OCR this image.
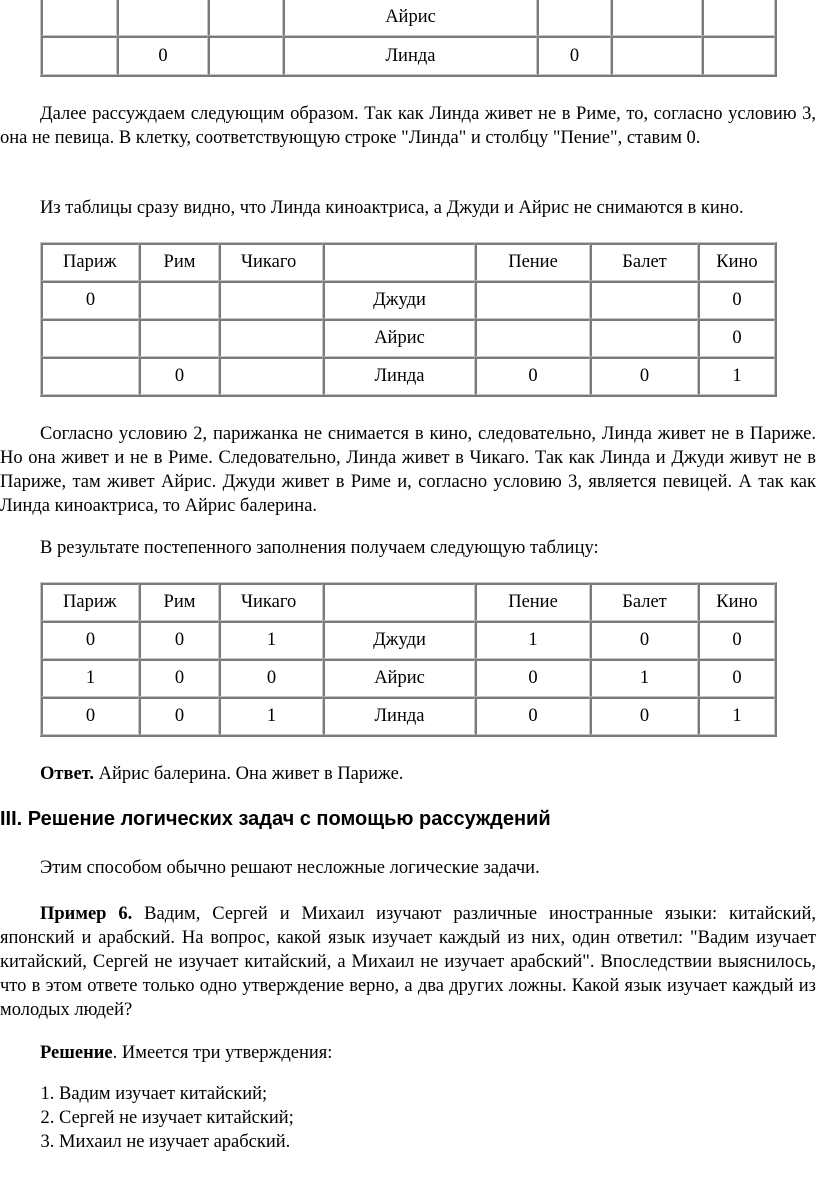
			Айрис			
	0		Линда	0		

Далее рассуждаем следующим образом. Так как Линда живет не в Риме, то, согласно условию 3, она не певица. В клетку, соответствующую строке "Линда" и столбцу "Пение", ставим 0.

Из таблицы сразу видно, что Линда киноактриса, а Джуди и Айрис не снимаются в кино.

Париж	Рим	Чикаго		Пение	Балет	Кино
0			Джуди			0
			Айрис			0
	0		Линда	0	0	1

Согласно условию 2, парижанка не снимается в кино, следовательно, Линда живет не в Париже. Но она живет и не в Риме. Следовательно, Линда живет в Чикаго. Так как Линда и Джуди живут не в Париже, там живет Айрис. Джуди живет в Риме и, согласно условию 3, является певицей. А так как Линда киноактриса, то Айрис балерина.

В результате постепенного заполнения получаем следующую таблицу:

Париж	Рим	Чикаго		Пение	Балет	Кино
0	0	1	Джуди	1	0	0
1	0	0	Айрис	0	1	0
0	0	1	Линда	0	0	1

Ответ. Айрис балерина. Она живет в Париже.

III. Решение логических задач с помощью рассуждений

Этим способом обычно решают несложные логические задачи.

Пример 6. Вадим, Сергей и Михаил изучают различные иностранные языки: китайский, японский и арабский. На вопрос, какой язык изучает каждый из них, один ответил: "Вадим изучает китайский, Сергей не изучает китайский, а Михаил не изучает арабский". Впоследствии выяснилось, что в этом ответе только одно утверждение верно, а два других ложны. Какой язык изучает каждый из молодых людей?

Решение. Имеется три утверждения:

1. Вадим изучает китайский;
2. Сергей не изучает китайский;
3. Михаил не изучает арабский.
